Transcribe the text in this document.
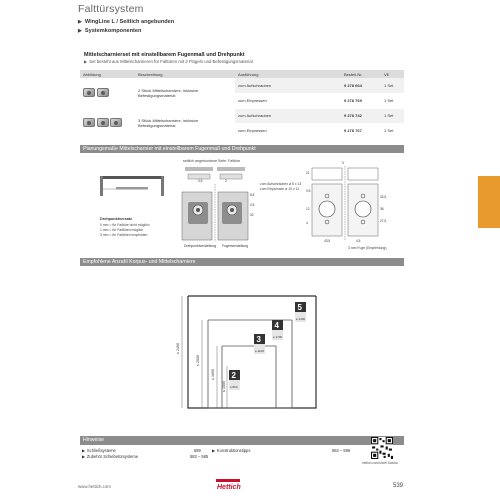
Falttürsystem
▶ WingLine L / Seitlich angebunden
▶ Systemkomponenten
Mittelscharnierset mit einstellbarem Fugenmaß und Drehpunkt
▶ Set besteht aus Mittelscharnieren für Falttüren mit 2 Flügeln und Befestigungsmaterial
Abbildung	Beschreibung	Ausführung	Bestell-Nr.	VE

	2 Stück Mittelscharniere, inklusive Befestigungsmaterial	zum Aufschrauben	9 278 664	1 Set
		zum Einpressen	9 278 769	1 Set

	3 Stück Mittelscharniere, inklusive Befestigungsmaterial	zum Aufschrauben	9 278 742	1 Set
		zum Einpressen	9 278 767	1 Set
Planungsmaße Mittelscharnier mit einstellbarem Fugenmaß und Drehpunkt
seitlich angebundene Seite Falttüre
3,5	2
8,5
0,5
32
Drehpunktverstellung Fugenverstellung
Drehpunktversatz
0 mm = für Falttüre nicht möglich
1 mm = für Falttüren möglich
3 mm = für Falttüren empfohlen
zum Aufschrauben ø 5 x 13
zum Einpressen ø 10 x 11
21
9,5
12
4
32,5
36
27,5
43,5	4,5
3
3 mm Fuge (Empfehlung)
Empfohlene Anzahl Korpus- und Mittelscharniere
≤ 2400
≤ 2000
≤ 1600
≤ 1000
2
≤ 800
3
≤ 1100
4
≤ 1700
5
≤ 2400
Hinweise
▶ Schließsysteme	589
▶ Zubehör Schiebetürsysteme	583 – 585
▶ Konstruktionstipps	584 – 596
hettich.com/short/ 8cddcc
www.hettich.com	Hettich	539
